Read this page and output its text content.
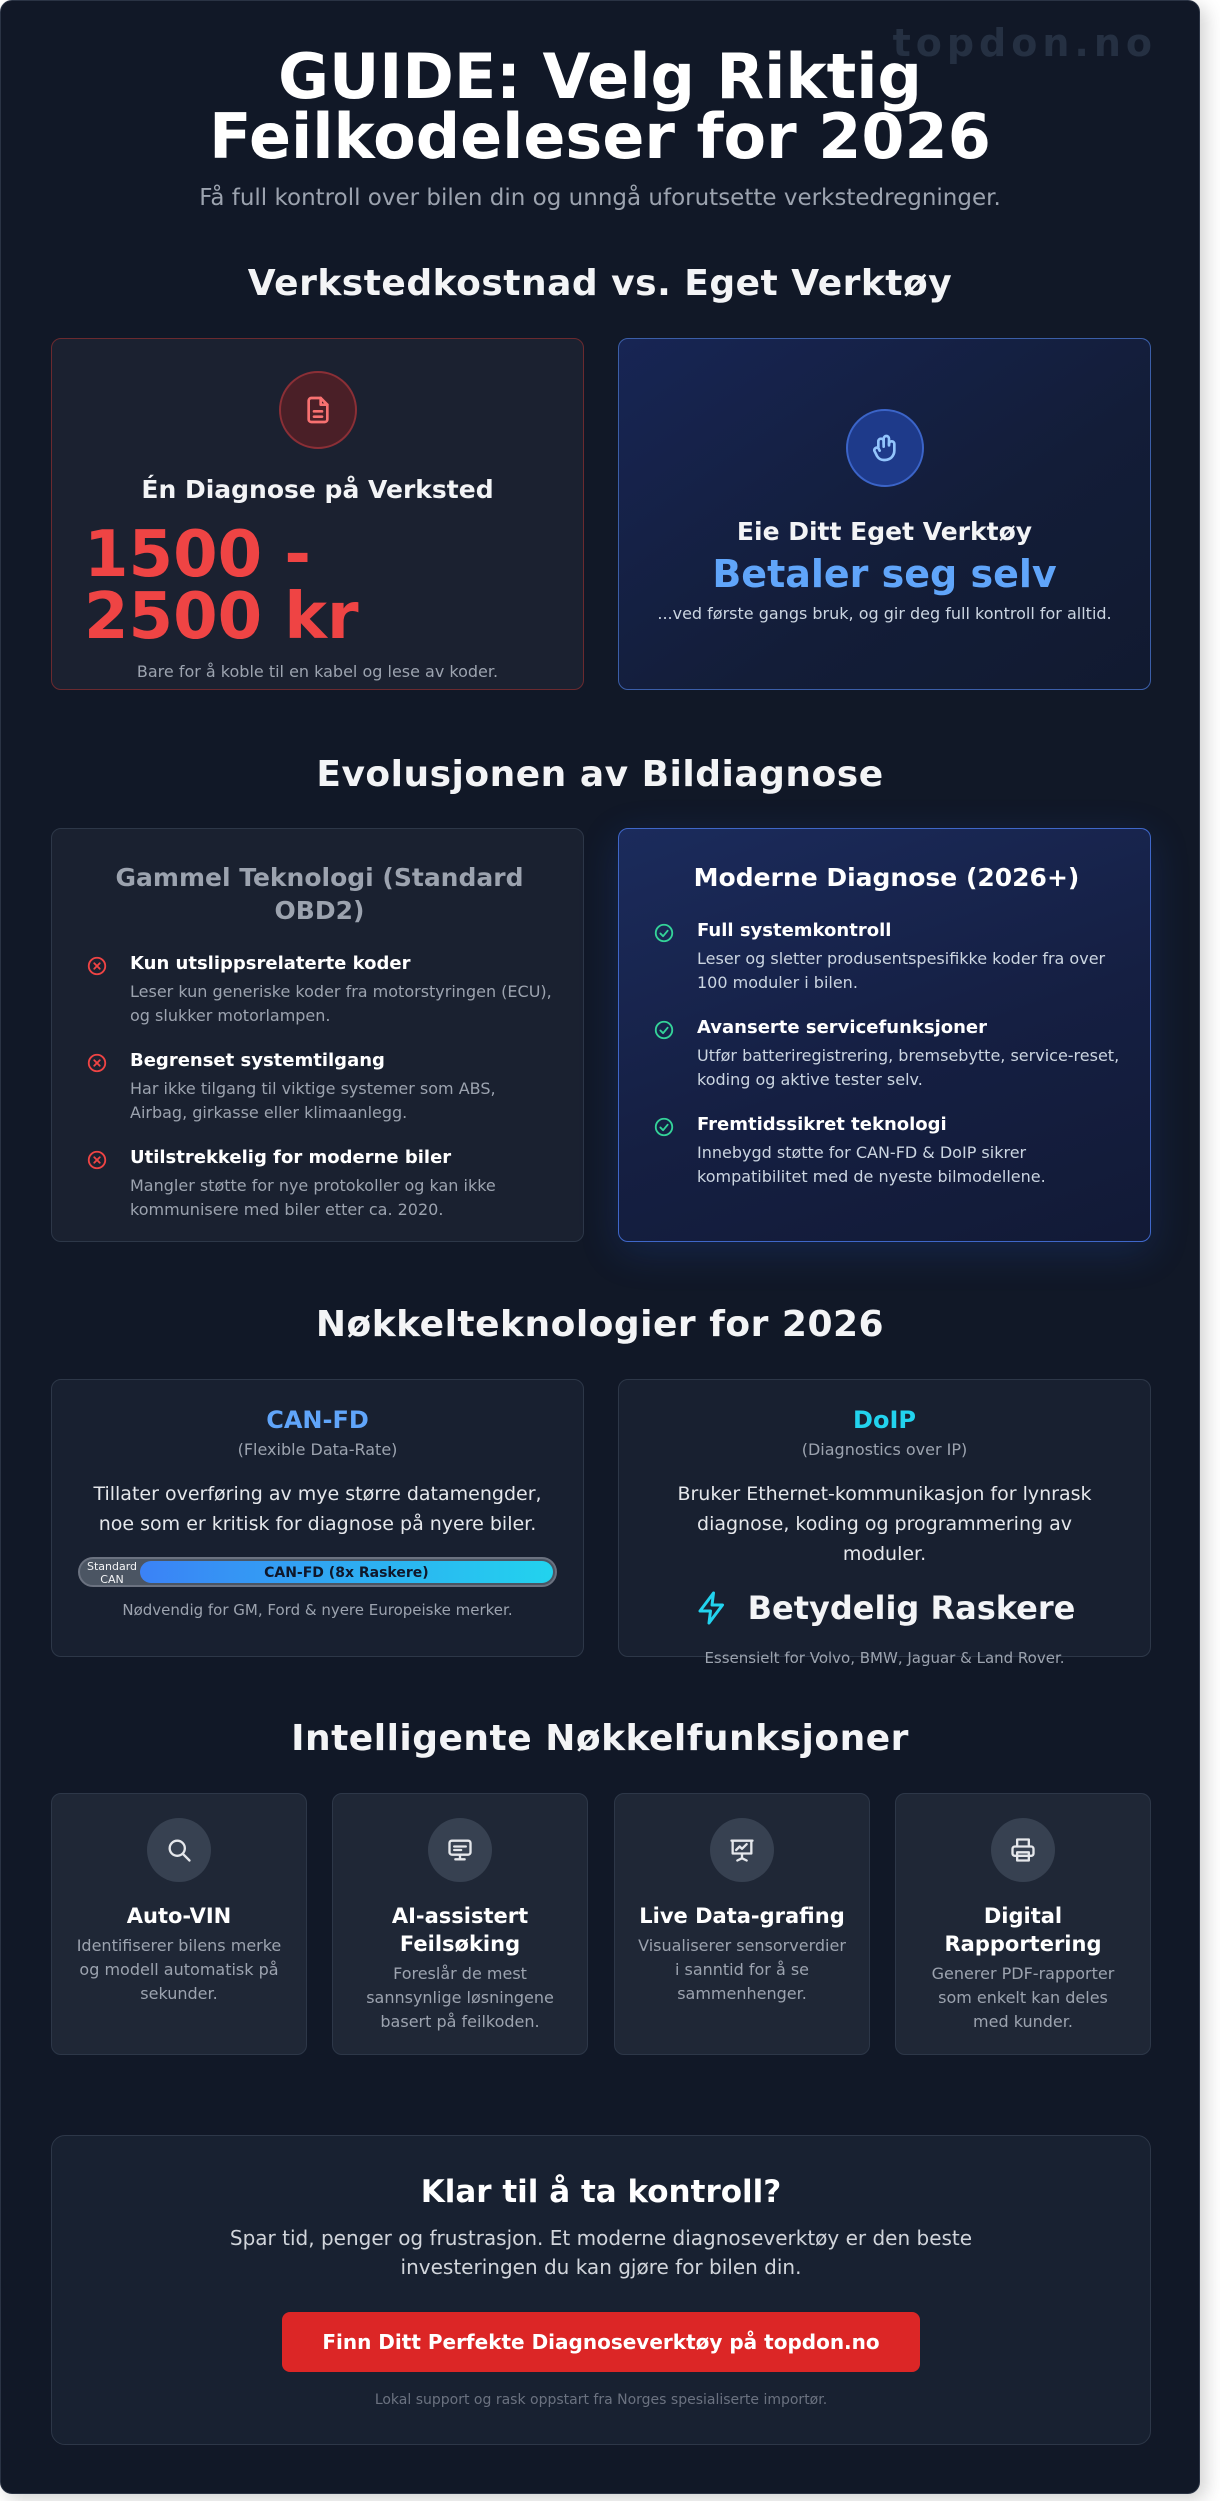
topdon.no
GUIDE: Velg Riktig Feilkodeleser for 2026

Få full kontroll over bilen din og unngå uforutsette verkstedregninger.

Verkstedkostnad vs. Eget Verktøy
Én Diagnose på Verksted
1500 - 2500 kr
Bare for å koble til en kabel og lese av koder.
Eie Ditt Eget Verktøy
Betaler seg selv
...ved første gangs bruk, og gir deg full kontroll for alltid.
Evolusjonen av Bildiagnose
Gammel Teknologi (Standard OBD2)
Kun utslippsrelaterte koder
Leser kun generiske koder fra motorstyringen (ECU), og slukker motorlampen.
Begrenset systemtilgang
Har ikke tilgang til viktige systemer som ABS, Airbag, girkasse eller klimaanlegg.
Utilstrekkelig for moderne biler
Mangler støtte for nye protokoller og kan ikke kommunisere med biler etter ca. 2020.
Moderne Diagnose (2026+)
Full systemkontroll
Leser og sletter produsentspesifikke koder fra over 100 moduler i bilen.
Avanserte servicefunksjoner
Utfør batteriregistrering, bremsebytte, service-reset, koding og aktive tester selv.
Fremtidssikret teknologi
Innebygd støtte for CAN-FD & DoIP sikrer kompatibilitet med de nyeste bilmodellene.
Nøkkelteknologier for 2026
CAN-FD
(Flexible Data-Rate)
Tillater overføring av mye større datamengder, noe som er kritisk for diagnose på nyere biler.
Standard CAN	CAN-FD (8x Raskere)
Nødvendig for GM, Ford & nyere Europeiske merker.
DoIP
(Diagnostics over IP)
Bruker Ethernet-kommunikasjon for lynrask diagnose, koding og programmering av moduler.
Betydelig Raskere
Essensielt for Volvo, BMW, Jaguar & Land Rover.
Intelligente Nøkkelfunksjoner
Auto-VIN
Identifiserer bilens merke og modell automatisk på sekunder.
AI-assistert Feilsøking
Foreslår de mest sannsynlige løsningene basert på feilkoden.
Live Data-grafing
Visualiserer sensorverdier i sanntid for å se sammenhenger.
Digital Rapportering
Generer PDF-rapporter som enkelt kan deles med kunder.
Klar til å ta kontroll?
Spar tid, penger og frustrasjon. Et moderne diagnoseverktøy er den beste investeringen du kan gjøre for bilen din.
Finn Ditt Perfekte Diagnoseverktøy på topdon.no
Lokal support og rask oppstart fra Norges spesialiserte importør.
